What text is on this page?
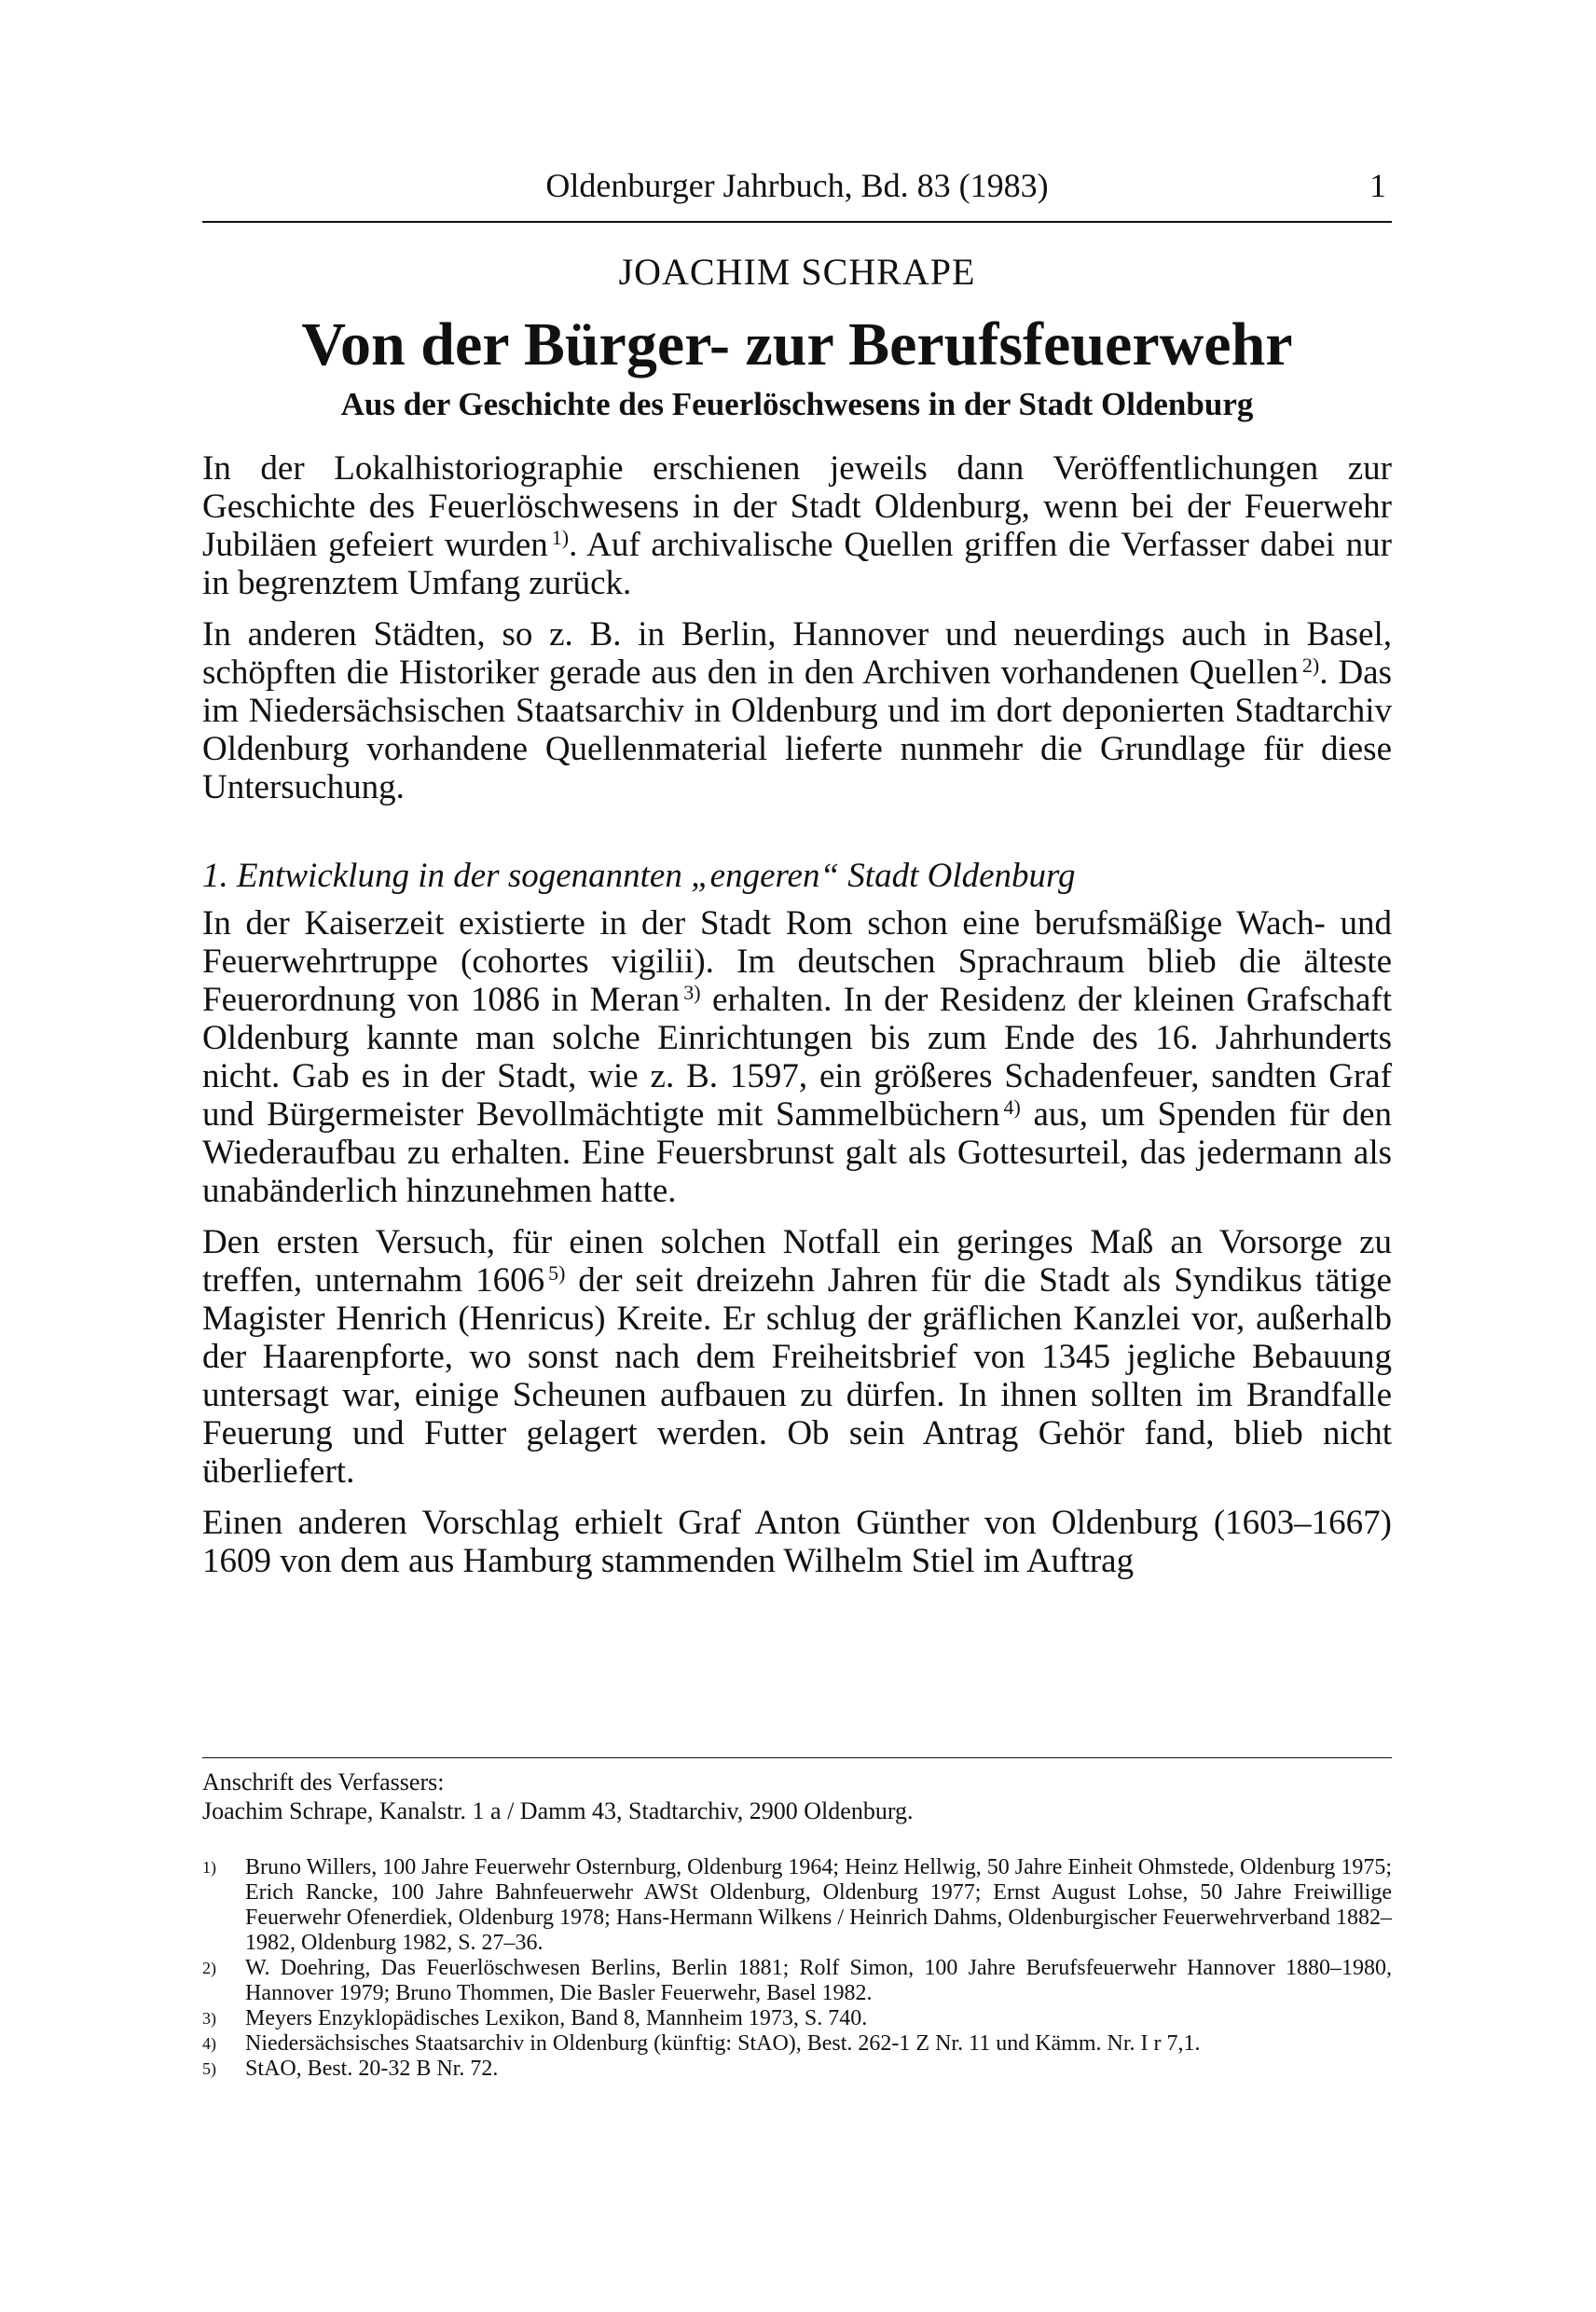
Oldenburger Jahrbuch, Bd. 83 (1983)	1
JOACHIM SCHRAPE
Von der Bürger- zur Berufsfeuerwehr
Aus der Geschichte des Feuerlöschwesens in der Stadt Oldenburg

In der Lokalhistoriographie erschienen jeweils dann Veröffentlichungen zur Geschichte des Feuerlöschwesens in der Stadt Oldenburg, wenn bei der Feuerwehr Jubiläen gefeiert wurden $^{1)}$. Auf archivalische Quellen griffen die Verfasser dabei nur in begrenztem Umfang zurück.

In anderen Städten, so z. B. in Berlin, Hannover und neuerdings auch in Basel, schöpften die Historiker gerade aus den in den Archiven vorhandenen Quellen $^{2)}$. Das im Niedersächsischen Staatsarchiv in Oldenburg und im dort deponierten Stadtarchiv Oldenburg vorhandene Quellenmaterial lieferte nunmehr die Grundlage für diese Untersuchung.

1. Entwicklung in der sogenannten „engeren“ Stadt Oldenburg

In der Kaiserzeit existierte in der Stadt Rom schon eine berufsmäßige Wach- und Feuerwehrtruppe (cohortes vigilii). Im deutschen Sprachraum blieb die älteste Feuerordnung von 1086 in Meran $^{3)}$ erhalten. In der Residenz der kleinen Grafschaft Oldenburg kannte man solche Einrichtungen bis zum Ende des 16. Jahrhunderts nicht. Gab es in der Stadt, wie z. B. 1597, ein größeres Schadenfeuer, sandten Graf und Bürgermeister Bevollmächtigte mit Sammelbüchern $^{4)}$ aus, um Spenden für den Wiederaufbau zu erhalten. Eine Feuersbrunst galt als Gottesurteil, das jedermann als unabänderlich hinzunehmen hatte.

Den ersten Versuch, für einen solchen Notfall ein geringes Maß an Vorsorge zu treffen, unternahm 1606 $^{5)}$ der seit dreizehn Jahren für die Stadt als Syndikus tätige Magister Henrich (Henricus) Kreite. Er schlug der gräflichen Kanzlei vor, außerhalb der Haarenpforte, wo sonst nach dem Freiheitsbrief von 1345 jegliche Bebauung untersagt war, einige Scheunen aufbauen zu dürfen. In ihnen sollten im Brandfalle Feuerung und Futter gelagert werden. Ob sein Antrag Gehör fand, blieb nicht überliefert.

Einen anderen Vorschlag erhielt Graf Anton Günther von Oldenburg (1603–1667) 1609 von dem aus Hamburg stammenden Wilhelm Stiel im Auftrag

Anschrift des Verfassers:
Joachim Schrape, Kanalstr. 1 a / Damm 43, Stadtarchiv, 2900 Oldenburg.
1)	Bruno Willers, 100 Jahre Feuerwehr Osternburg, Oldenburg 1964; Heinz Hellwig, 50 Jahre Einheit Ohmstede, Oldenburg 1975; Erich Rancke, 100 Jahre Bahnfeuerwehr AWSt Oldenburg, Oldenburg 1977; Ernst August Lohse, 50 Jahre Freiwillige Feuerwehr Ofenerdiek, Oldenburg 1978; Hans-Hermann Wilkens / Heinrich Dahms, Oldenburgischer Feuerwehrverband 1882–1982, Oldenburg 1982, S. 27–36.
2)	W. Doehring, Das Feuerlöschwesen Berlins, Berlin 1881; Rolf Simon, 100 Jahre Berufsfeuerwehr Hannover 1880–1980, Hannover 1979; Bruno Thommen, Die Basler Feuerwehr, Basel 1982.
3)	Meyers Enzyklopädisches Lexikon, Band 8, Mannheim 1973, S. 740.
4)	Niedersächsisches Staatsarchiv in Oldenburg (künftig: StAO), Best. 262-1 Z Nr. 11 und Kämm. Nr. I r 7,1.
5)	StAO, Best. 20-32 B Nr. 72.
